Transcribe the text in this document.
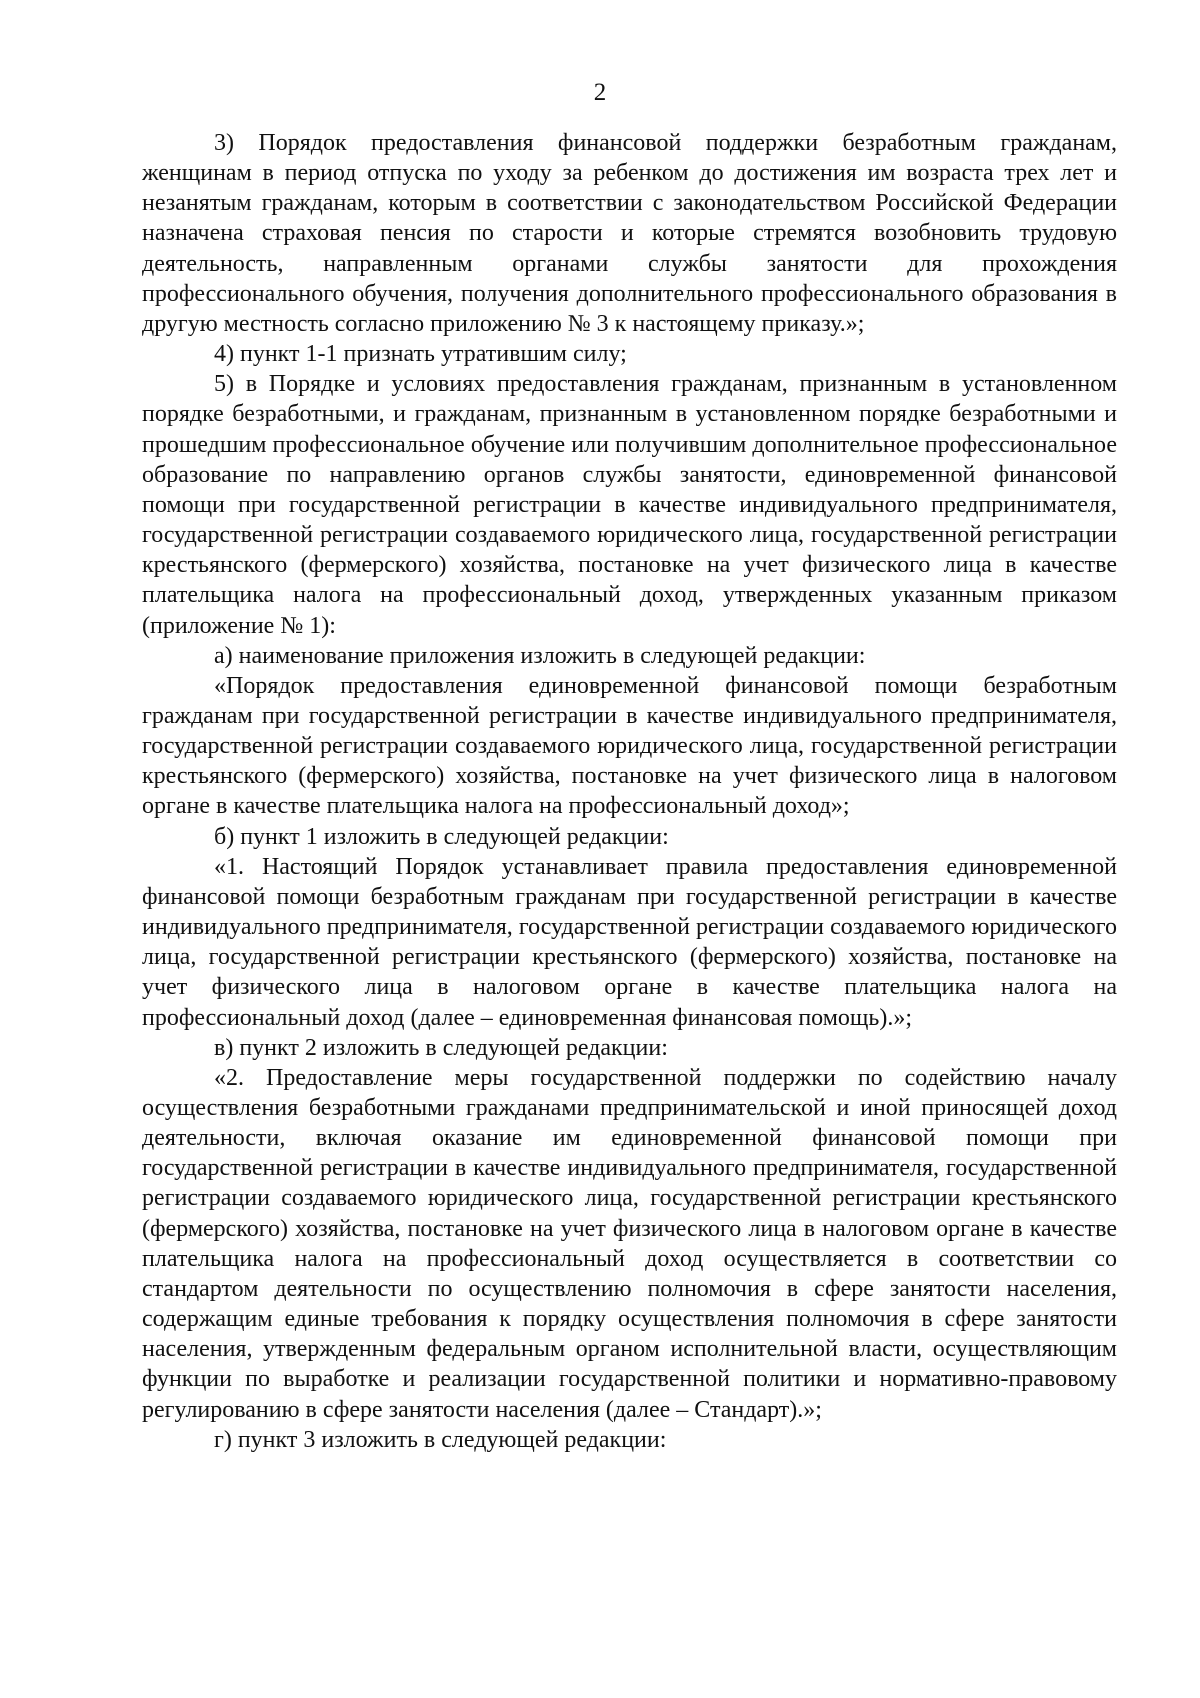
2

3) Порядок предоставления финансовой поддержки безработным гражданам, женщинам в период отпуска по уходу за ребенком до достижения им возраста трех лет и незанятым гражданам, которым в соответствии с законодательством Российской Федерации назначена страховая пенсия по старости и которые стремятся возобновить трудовую деятельность, направленным органами службы занятости для прохождения профессионального обучения, получения дополнительного профессионального образования в другую местность согласно приложению № 3 к настоящему приказу.»;

4) пункт 1-1 признать утратившим силу;

5) в Порядке и условиях предоставления гражданам, признанным в установленном порядке безработными, и гражданам, признанным в установленном порядке безработными и прошедшим профессиональное обучение или получившим дополнительное профессиональное образование по направлению органов службы занятости, единовременной финансовой помощи при государственной регистрации в качестве индивидуального предпринимателя, государственной регистрации создаваемого юридического лица, государственной регистрации крестьянского (фермерского) хозяйства, постановке на учет физического лица в качестве плательщика налога на профессиональный доход, утвержденных указанным приказом (приложение № 1):

а) наименование приложения изложить в следующей редакции:

«Порядок предоставления единовременной финансовой помощи безработным гражданам при государственной регистрации в качестве индивидуального предпринимателя, государственной регистрации создаваемого юридического лица, государственной регистрации крестьянского (фермерского) хозяйства, постановке на учет физического лица в налоговом органе в качестве плательщика налога на профессиональный доход»;

б) пункт 1 изложить в следующей редакции:

«1. Настоящий Порядок устанавливает правила предоставления единовременной финансовой помощи безработным гражданам при государственной регистрации в качестве индивидуального предпринимателя, государственной регистрации создаваемого юридического лица, государственной регистрации крестьянского (фермерского) хозяйства, постановке на учет физического лица в налоговом органе в качестве плательщика налога на профессиональный доход (далее – единовременная финансовая помощь).»;

в) пункт 2 изложить в следующей редакции:

«2. Предоставление меры государственной поддержки по содействию началу осуществления безработными гражданами предпринимательской и иной приносящей доход деятельности, включая оказание им единовременной финансовой помощи при государственной регистрации в качестве индивидуального предпринимателя, государственной регистрации создаваемого юридического лица, государственной регистрации крестьянского (фермерского) хозяйства, постановке на учет физического лица в налоговом органе в качестве плательщика налога на профессиональный доход осуществляется в соответствии со стандартом деятельности по осуществлению полномочия в сфере занятости населения, содержащим единые требования к порядку осуществления полномочия в сфере занятости населения, утвержденным федеральным органом исполнительной власти, осуществляющим функции по выработке и реализации государственной политики и нормативно-правовому регулированию в сфере занятости населения (далее – Стандарт).»;

г) пункт 3 изложить в следующей редакции:
